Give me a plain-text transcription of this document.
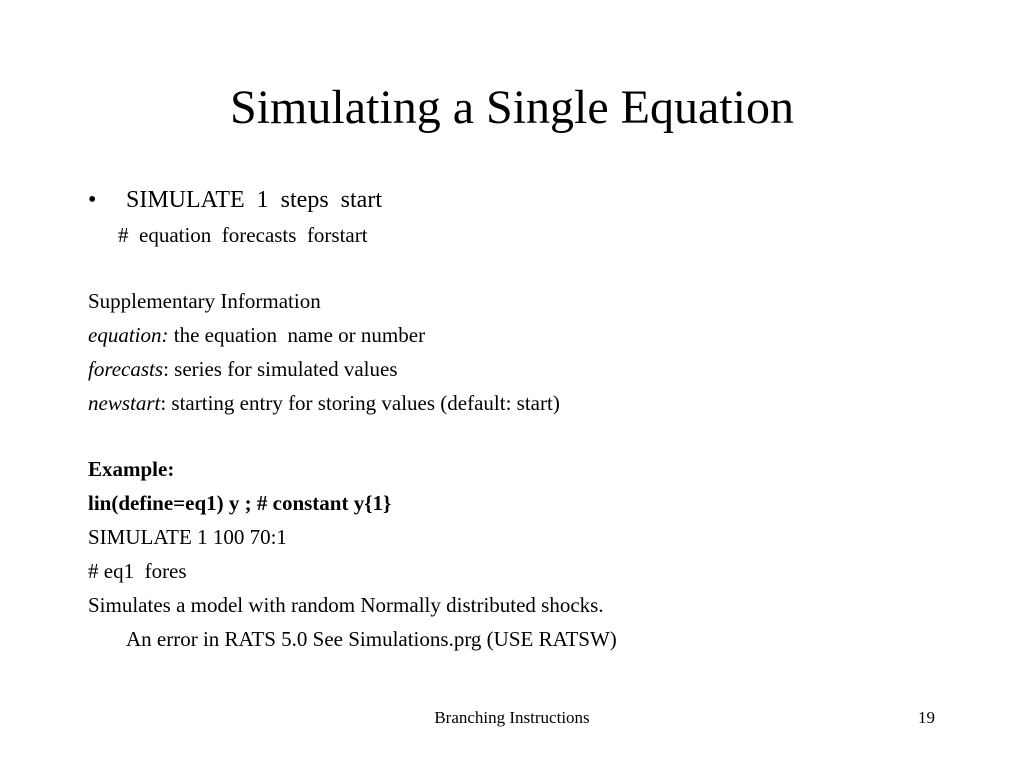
Simulating a Single Equation

•

SIMULATE  1  steps  start

#  equation  forecasts  forstart
Supplementary Information
equation: the equation  name or number
forecasts: series for simulated values
newstart: starting entry for storing values (default: start)
Example:
lin(define=eq1) y ; # constant y{1}
SIMULATE 1 100 70:1
# eq1  fores
Simulates a model with random Normally distributed shocks.
An error in RATS 5.0 See Simulations.prg (USE RATSW)
Branching Instructions	19
